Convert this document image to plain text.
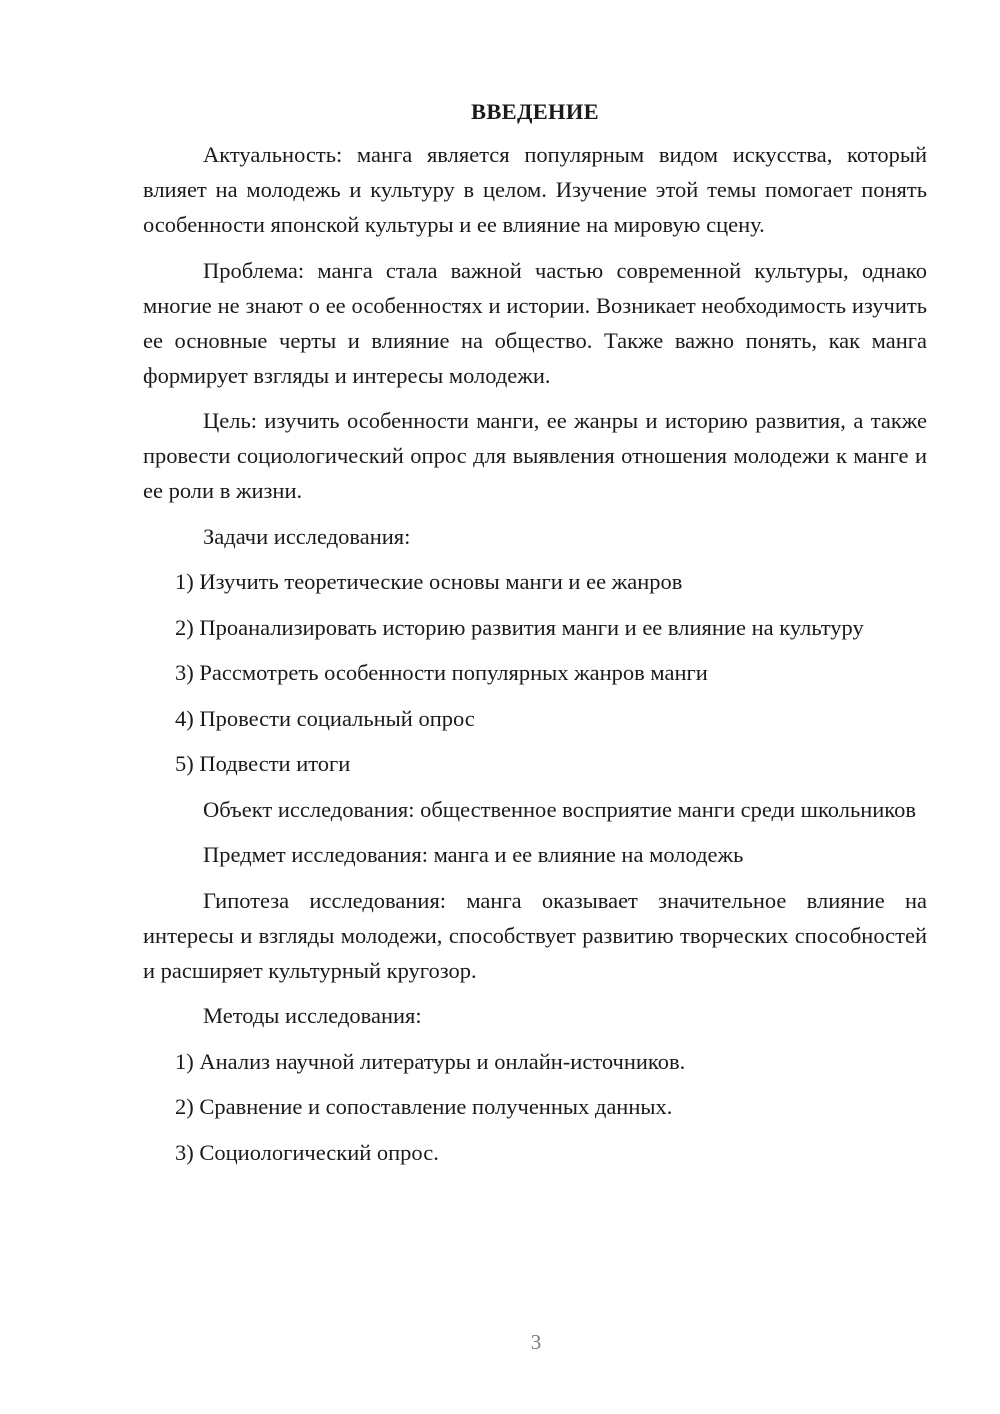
ВВЕДЕНИЕ

Актуальность: манга является популярным видом искусства, который влияет на молодежь и культуру в целом. Изучение этой темы помогает понять особенности японской культуры и ее влияние на мировую сцену.

Проблема: манга стала важной частью современной культуры, однако многие не знают о ее особенностях и истории. Возникает необходимость изучить ее основные черты и влияние на общество. Также важно понять, как манга формирует взгляды и интересы молодежи.

Цель: изучить особенности манги, ее жанры и историю развития, а также провести социологический опрос для выявления отношения молодежи к манге и ее роли в жизни.

Задачи исследования:

1) Изучить теоретические основы манги и ее жанров

2) Проанализировать историю развития манги и ее влияние на культуру

3) Рассмотреть особенности популярных жанров манги

4) Провести социальный опрос

5) Подвести итоги

Объект исследования: общественное восприятие манги среди школьников

Предмет исследования: манга и ее влияние на молодежь

Гипотеза исследования: манга оказывает значительное влияние на интересы и взгляды молодежи, способствует развитию творческих способностей и расширяет культурный кругозор.

Методы исследования:

1) Анализ научной литературы и онлайн-источников.

2) Сравнение и сопоставление полученных данных.

3) Социологический опрос.

3
